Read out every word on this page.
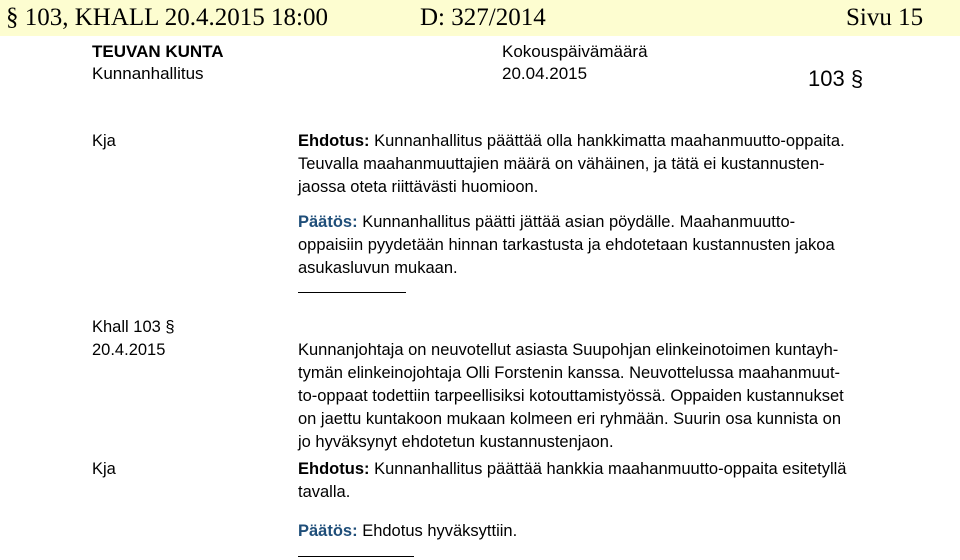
§ 103, KHALL 20.4.2015 18:00	D: 327/2014	Sivu 15
TEUVAN KUNTA
Kunnanhallitus
Kokouspäivämäärä
20.04.2015	103 §
Kja	Ehdotus: Kunnanhallitus päättää olla hankkimatta maahanmuutto-oppaita.
Teuvalla maahanmuuttajien määrä on vähäinen, ja tätä ei kustannusten-
jaossa oteta riittävästi huomioon.
Päätös: Kunnanhallitus päätti jättää asian pöydälle. Maahanmuutto-
oppaisiin pyydetään hinnan tarkastusta ja ehdotetaan kustannusten jakoa
asukasluvun mukaan.
Khall 103 §
20.4.2015	Kunnanjohtaja on neuvotellut asiasta Suupohjan elinkeinotoimen kuntayh-
tymän elinkeinojohtaja Olli Forstenin kanssa. Neuvottelussa maahanmuut-
to-oppaat todettiin tarpeellisiksi kotouttamistyössä. Oppaiden kustannukset
on jaettu kuntakoon mukaan kolmeen eri ryhmään. Suurin osa kunnista on
jo hyväksynyt ehdotetun kustannustenjaon.
Kja	Ehdotus: Kunnanhallitus päättää hankkia maahanmuutto-oppaita esitetyllä
tavalla.
Päätös: Ehdotus hyväksyttiin.
